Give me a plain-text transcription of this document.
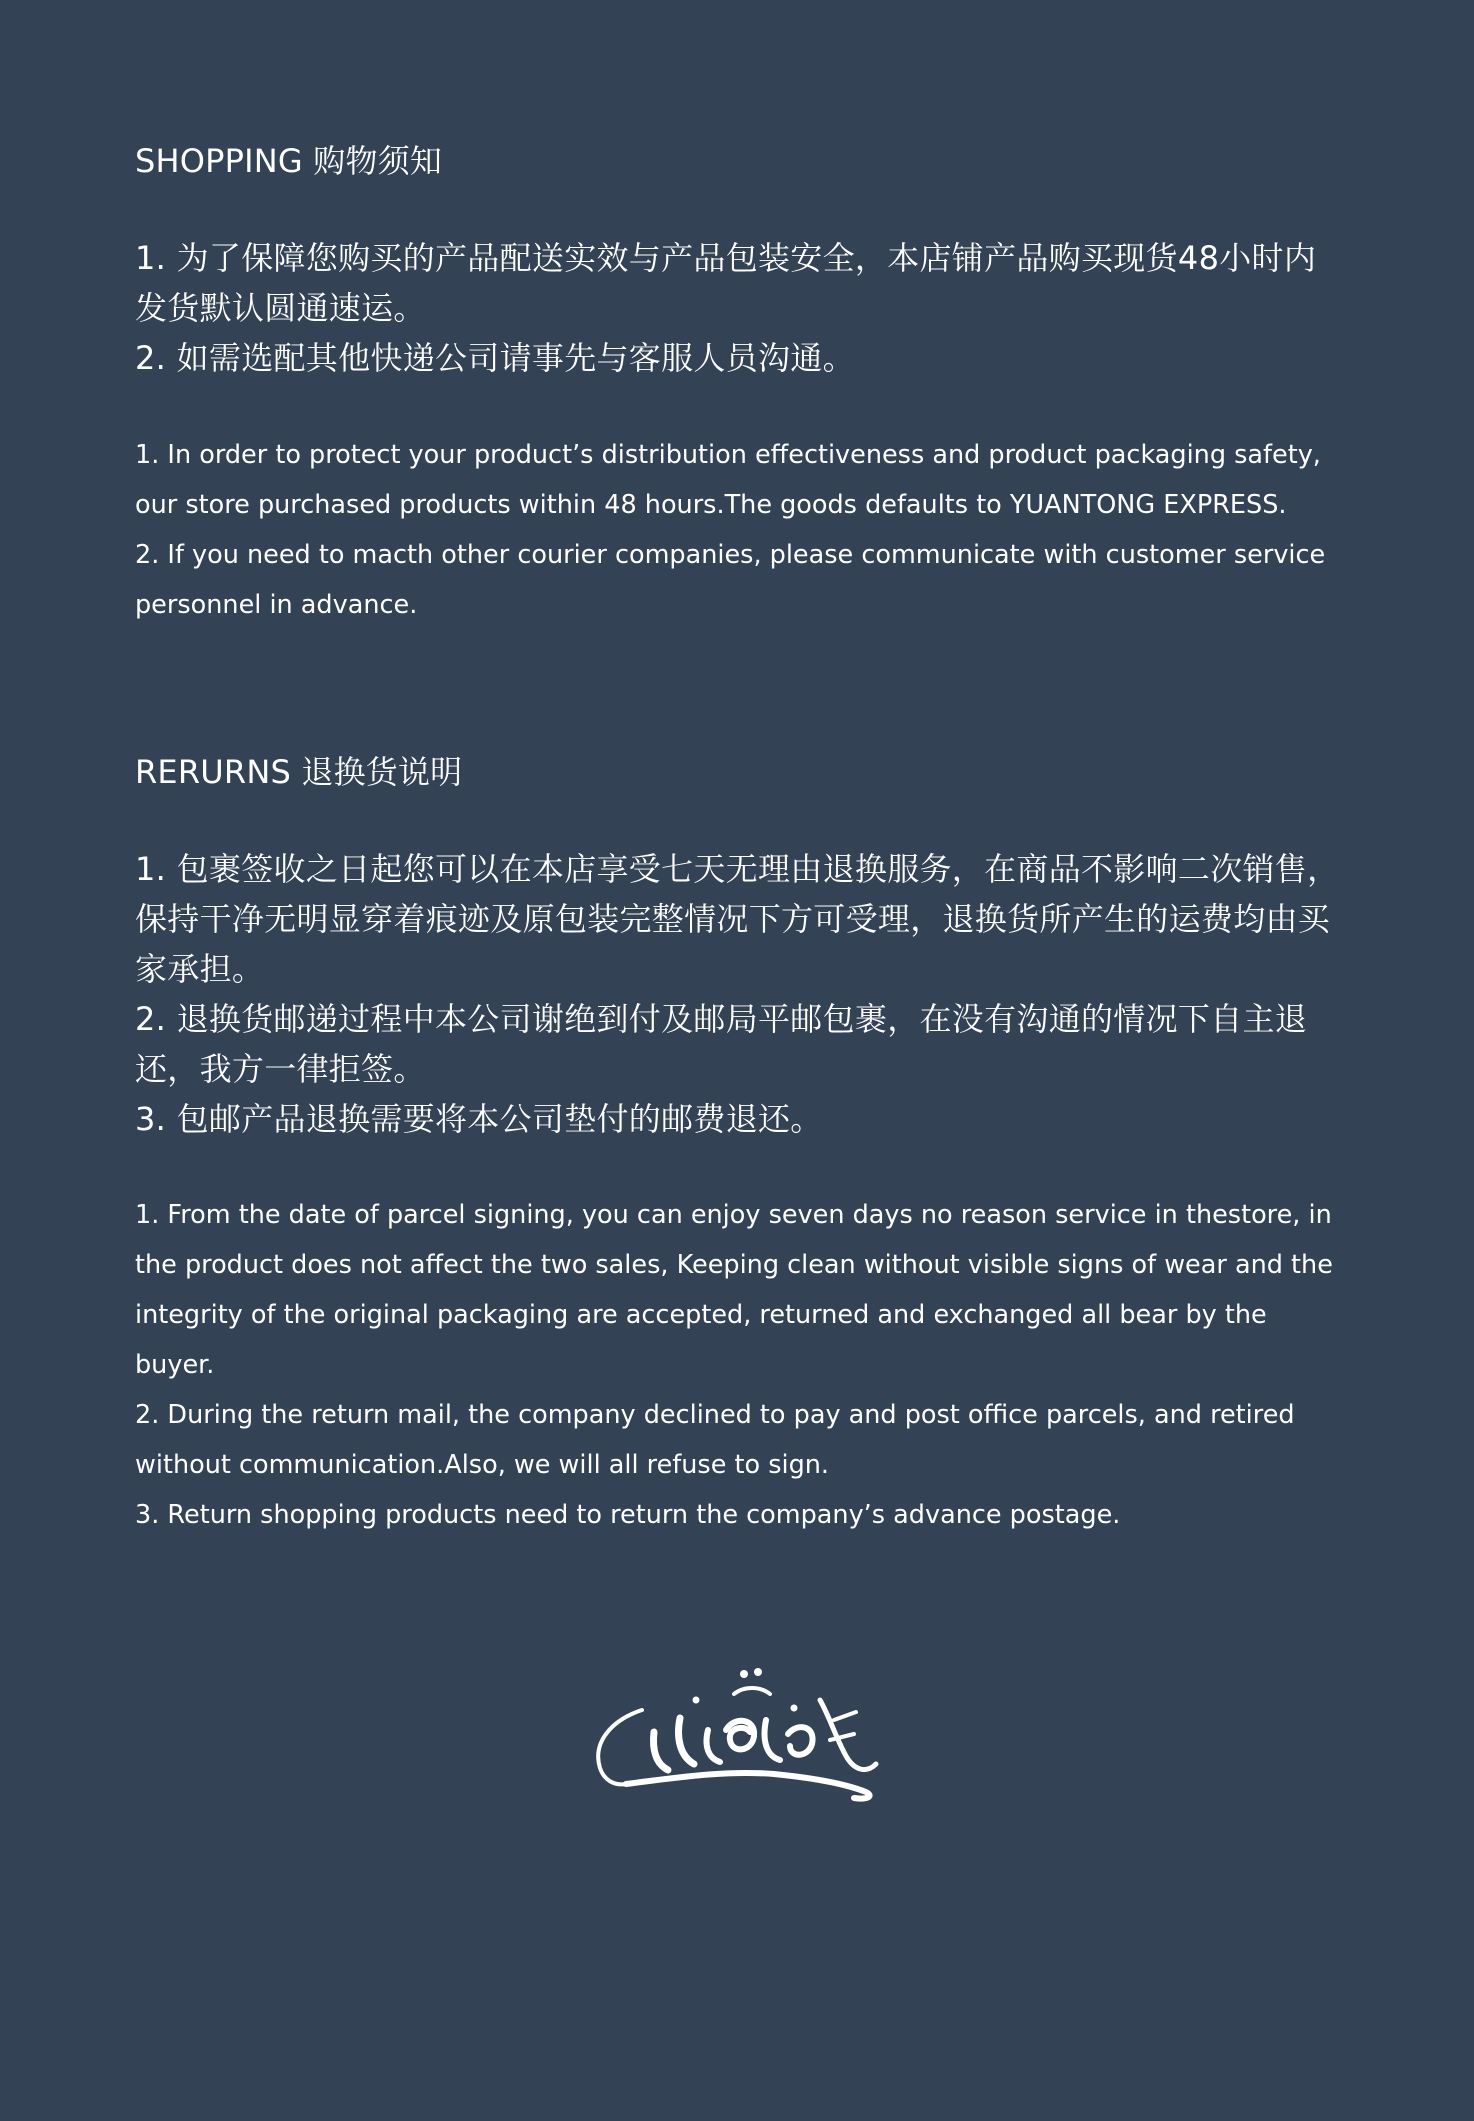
SHOPPING 购物须知
1. 为了保障您购买的产品配送实效与产品包装安全，本店铺产品购买现货48小时内发货默认圆通速运。
2. 如需选配其他快递公司请事先与客服人员沟通。
1. In order to protect your product’s distribution effectiveness and product packaging safety, our store purchased products within 48 hours.The goods defaults to YUANTONG EXPRESS.
2. If you need to macth other courier companies, please communicate with customer service personnel in advance.
RERURNS 退换货说明
1. 包裹签收之日起您可以在本店享受七天无理由退换服务，在商品不影响二次销售，保持干净无明显穿着痕迹及原包装完整情况下方可受理，退换货所产生的运费均由买家承担。
2. 退换货邮递过程中本公司谢绝到付及邮局平邮包裹，在没有沟通的情况下自主退还，我方一律拒签。
3. 包邮产品退换需要将本公司垫付的邮费退还。
1. From the date of parcel signing, you can enjoy seven days no reason service in thestore, in the product does not affect the two sales, Keeping clean without visible signs of wear and the integrity of the original packaging are accepted, returned and exchanged all bear by the buyer.
2. During the return mail, the company declined to pay and post office parcels, and retired without communication.Also, we will all refuse to sign.
3. Return shopping products need to return the company’s advance postage.
